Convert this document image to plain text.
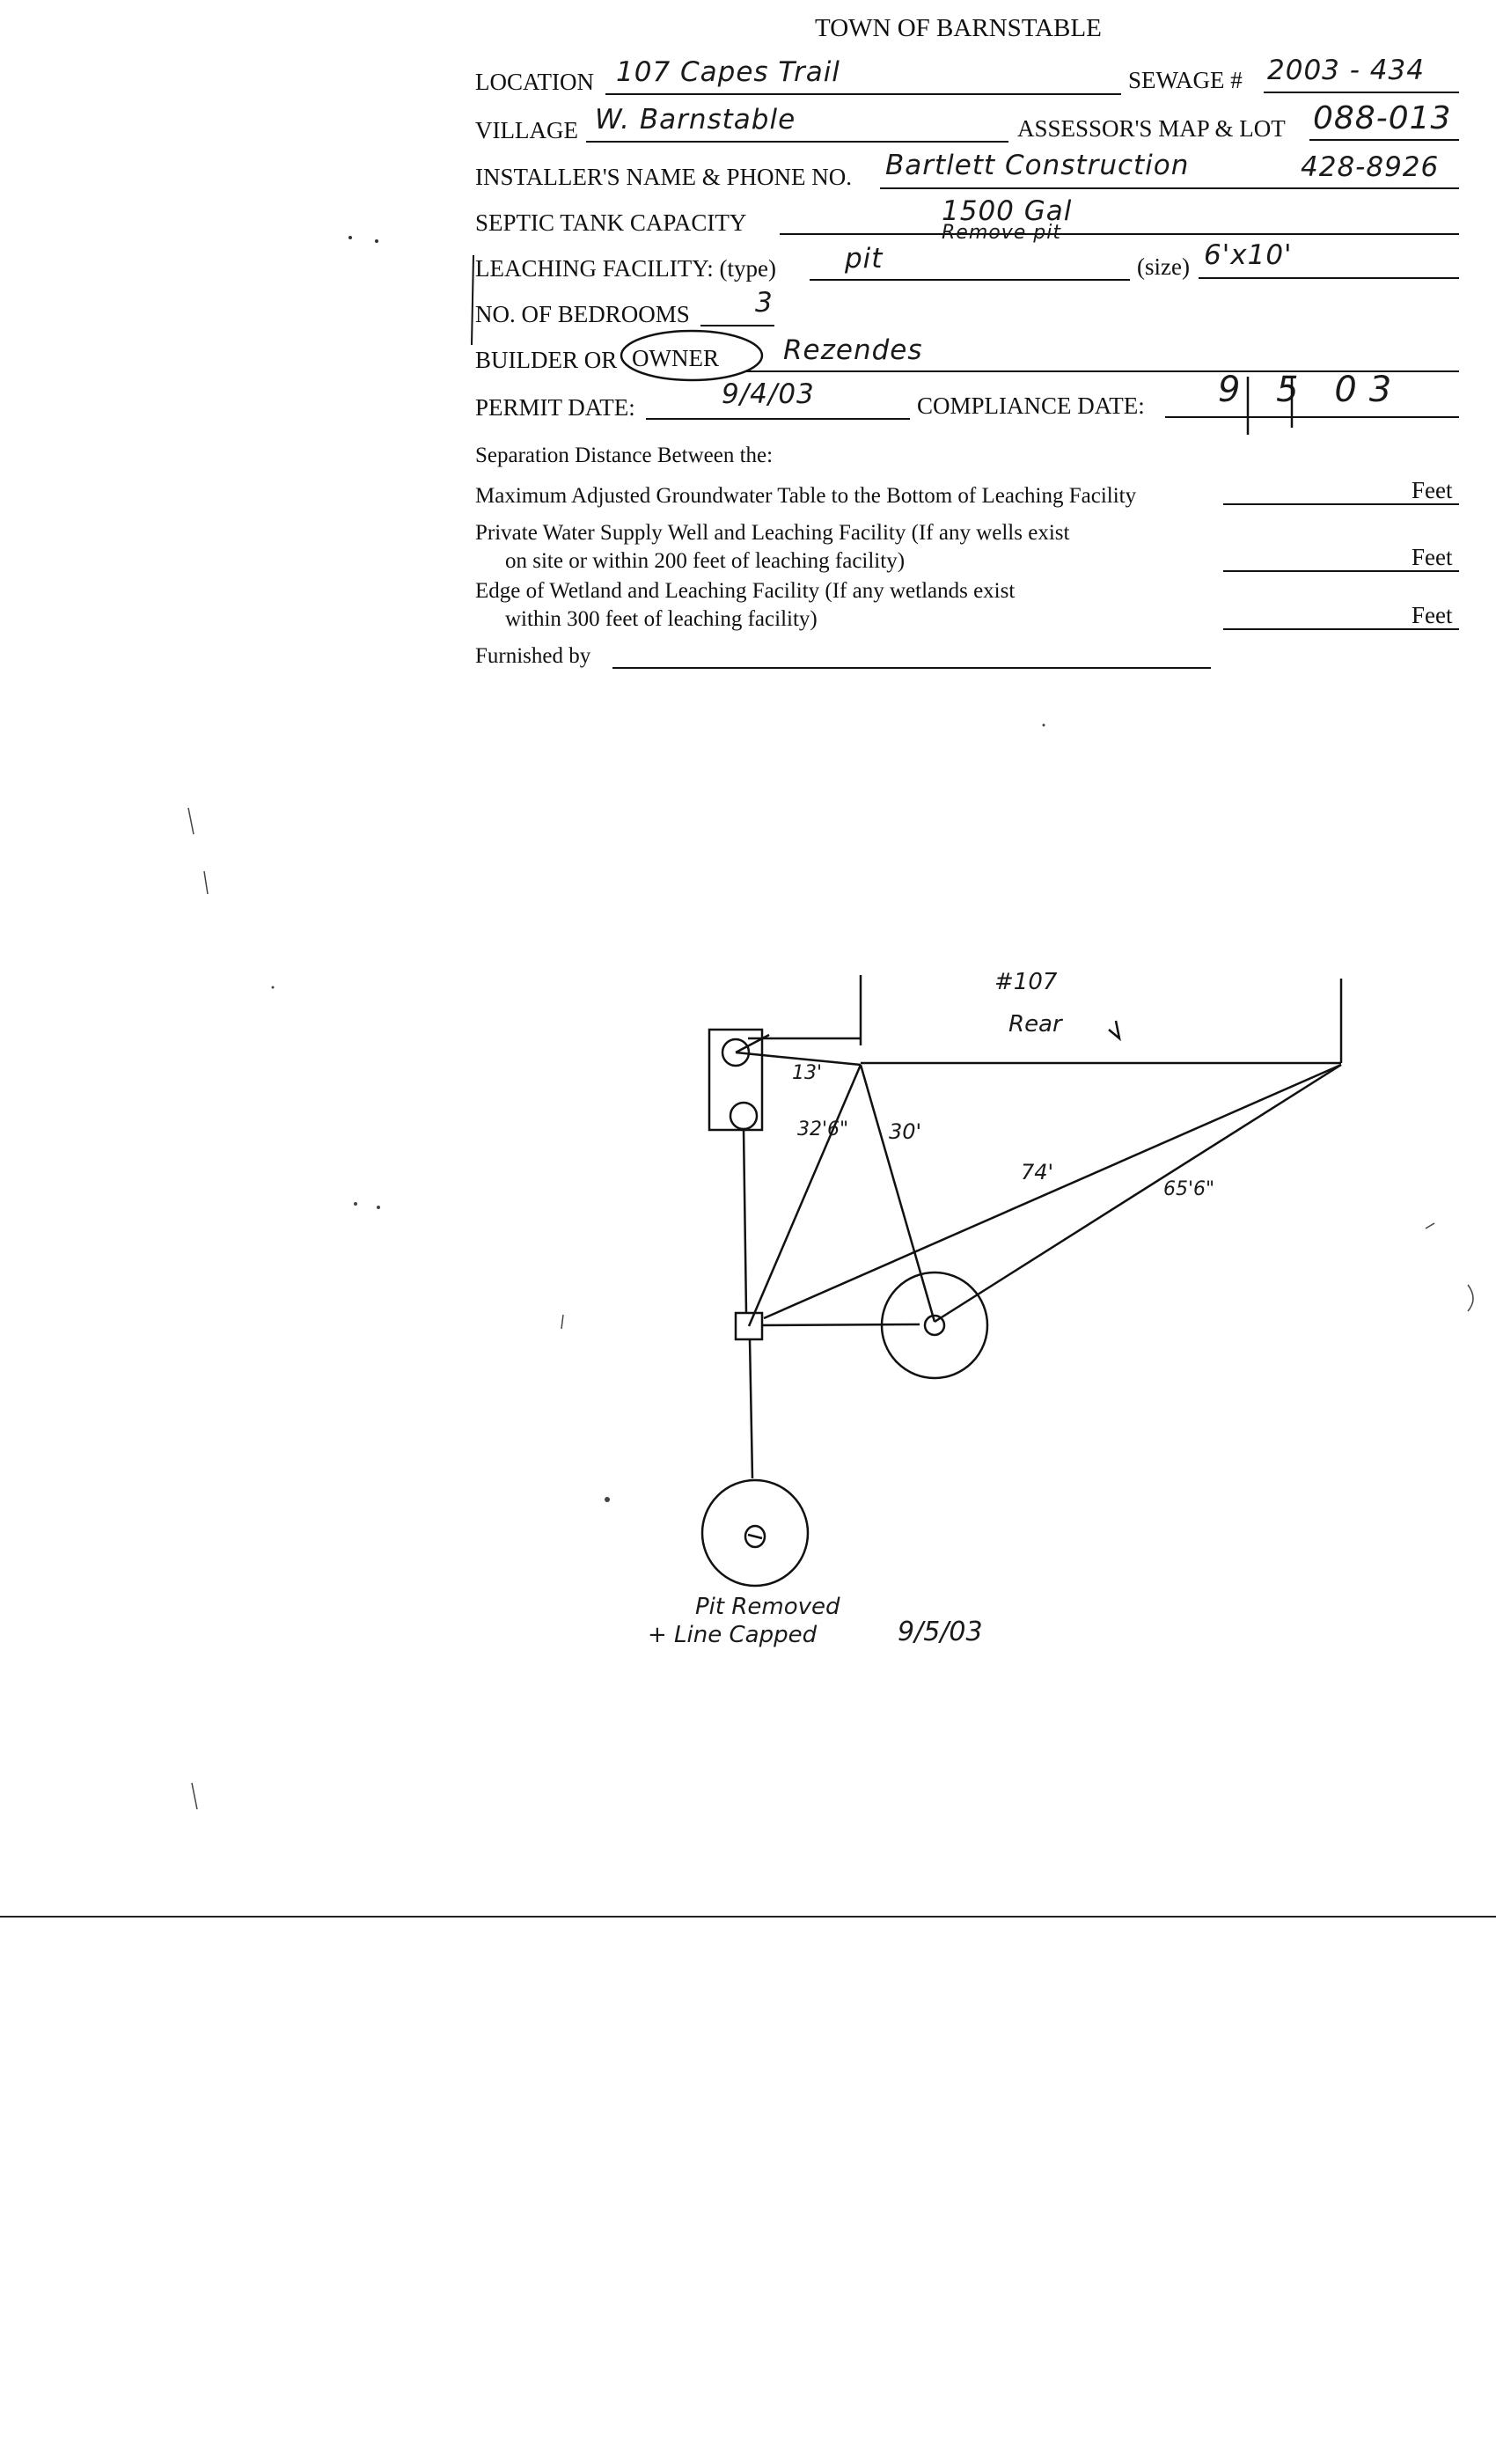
TOWN OF BARNSTABLE
LOCATION 107 Capes Trail	SEWAGE # 2003 - 434
VILLAGE W. Barnstable	ASSESSOR'S MAP & LOT 088-013
INSTALLER'S NAME & PHONE NO. Bartlett Construction	428-8926
SEPTIC TANK CAPACITY	1500 Gal
LEACHING FACILITY: (type)	pit
Remove pit
(size) 6'x10'
NO. OF BEDROOMS 3
BUILDER OR OWNER Rezendes
PERMIT DATE:	9/4/03	COMPLIANCE DATE: 9 5 03
Separation Distance Between the:
Maximum Adjusted Groundwater Table to the Bottom of Leaching Facility	Feet
Private Water Supply Well and Leaching Facility (If any wells exist
on site or within 200 feet of leaching facility)	Feet
Edge of Wetland and Leaching Facility (If any wetlands exist
within 300 feet of leaching facility)	Feet
Furnished by
#107
Rear
13'
32'6" 30'
74'
65'6"
Pit Removed
+ Line Capped	9/5/03
